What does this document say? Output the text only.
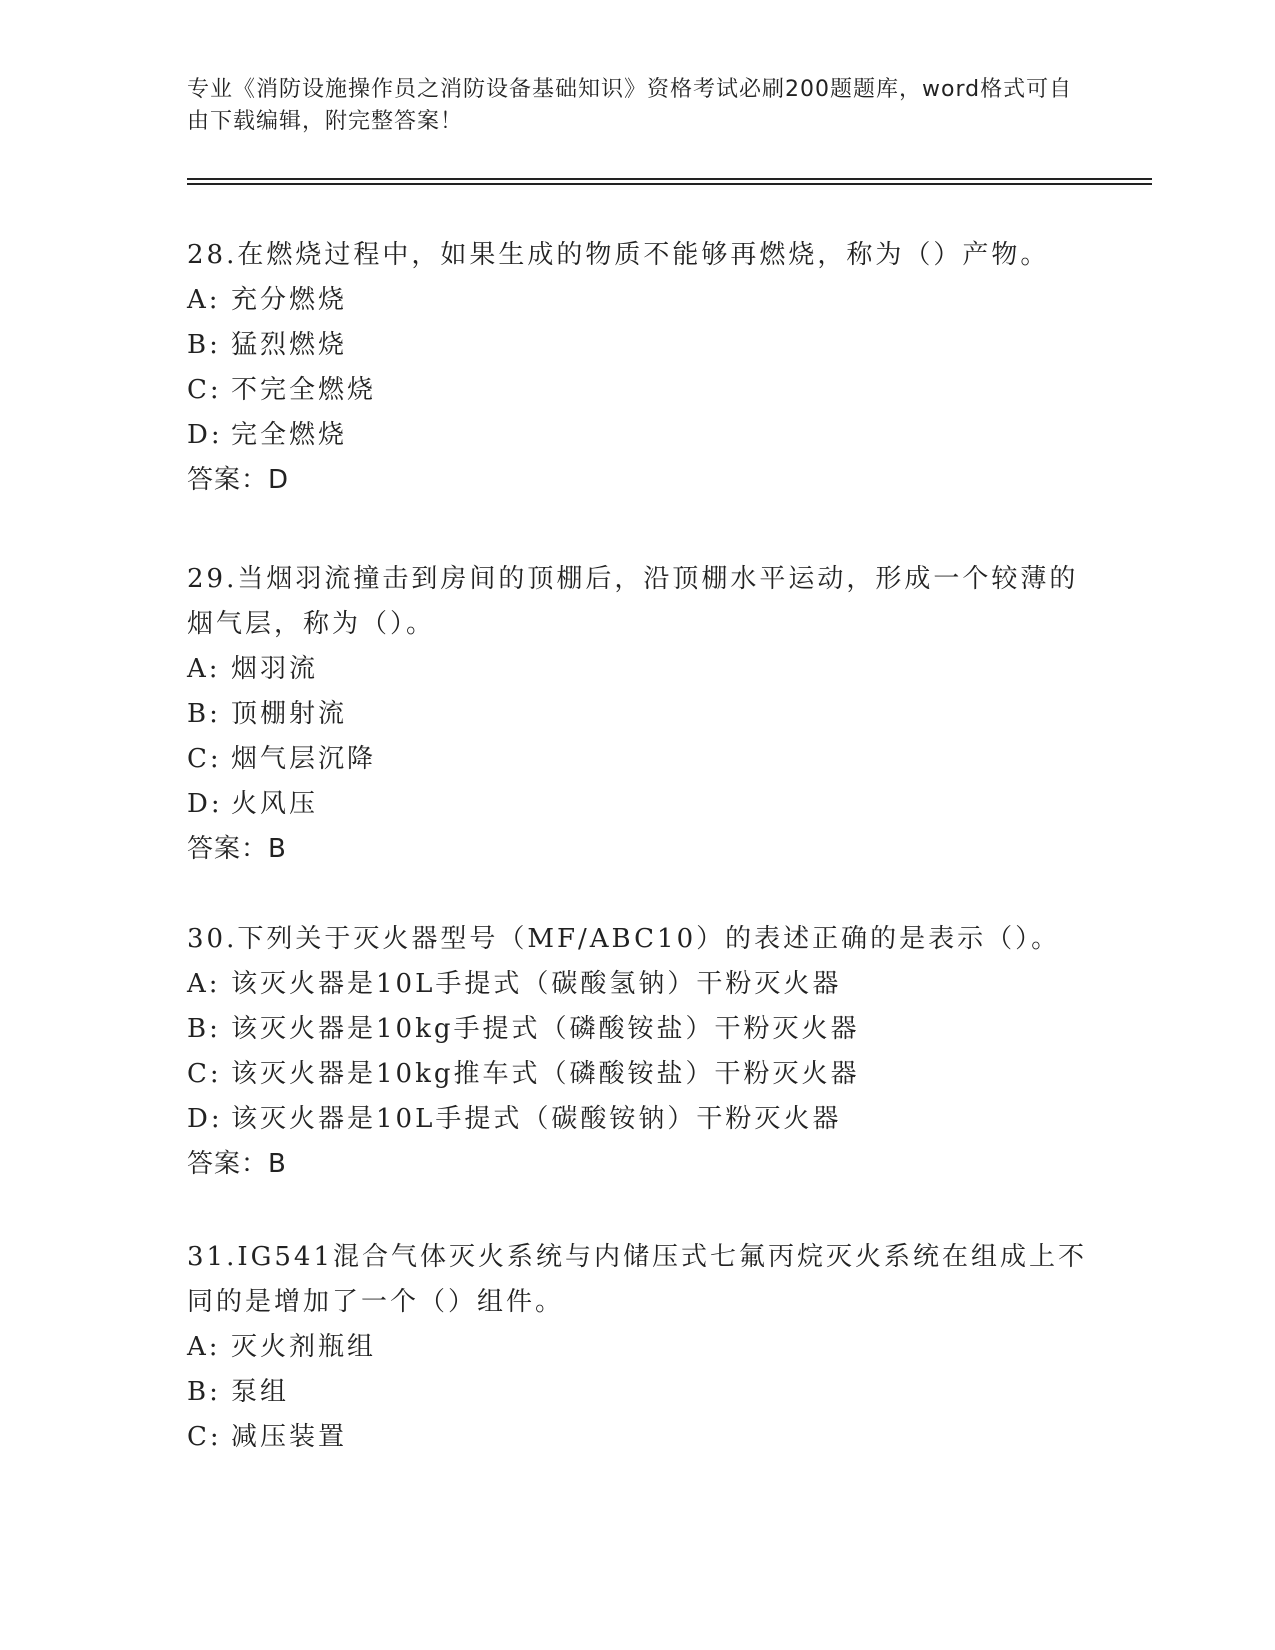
专业《消防设施操作员之消防设备基础知识》资格考试必刷200题题库，word格式可自由下载编辑，附完整答案！

28.在燃烧过程中，如果生成的物质不能够再燃烧，称为（）产物。

A: 充分燃烧

B: 猛烈燃烧

C: 不完全燃烧

D: 完全燃烧

答案：D

29.当烟羽流撞击到房间的顶棚后，沿顶棚水平运动，形成一个较薄的烟气层，称为（）。

A: 烟羽流

B: 顶棚射流

C: 烟气层沉降

D: 火风压

答案：B

30.下列关于灭火器型号（MF/ABC10）的表述正确的是表示（）。

A: 该灭火器是10L手提式（碳酸氢钠）干粉灭火器

B: 该灭火器是10kg手提式（磷酸铵盐）干粉灭火器

C: 该灭火器是10kg推车式（磷酸铵盐）干粉灭火器

D: 该灭火器是10L手提式（碳酸铵钠）干粉灭火器

答案：B

31.IG541混合气体灭火系统与内储压式七氟丙烷灭火系统在组成上不同的是增加了一个（）组件。

A: 灭火剂瓶组

B: 泵组

C: 减压装置
